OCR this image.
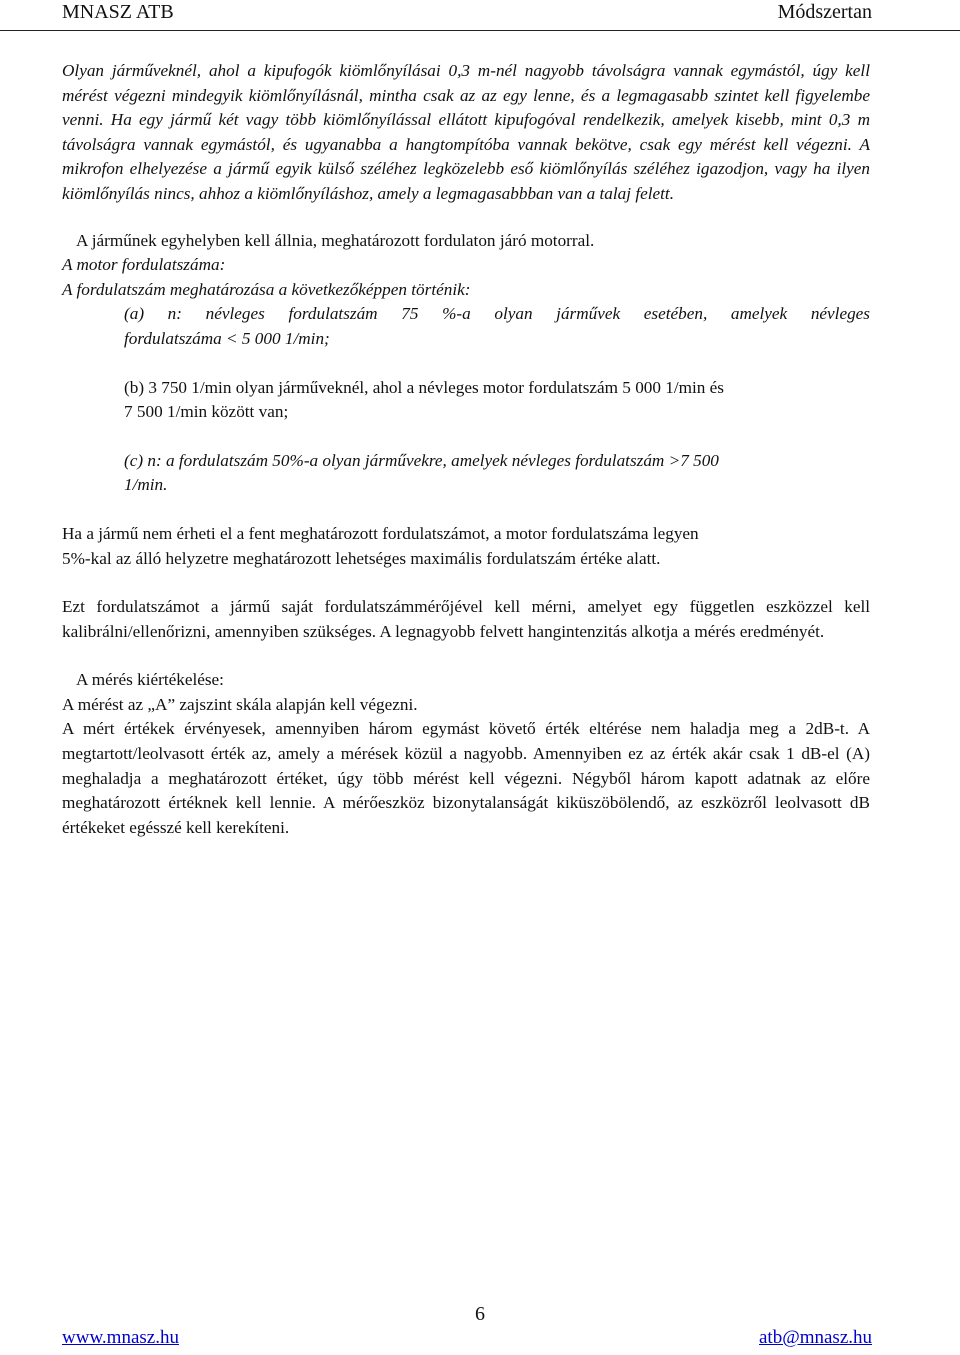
MNASZ ATB	Módszertan

Olyan járműveknél, ahol a kipufogók kiömlőnyílásai 0,3 m-nél nagyobb távolságra vannak egymástól, úgy kell mérést végezni mindegyik kiömlőnyílásnál, mintha csak az az egy lenne, és a legmagasabb szintet kell figyelembe venni. Ha egy jármű két vagy több kiömlőnyílással ellátott kipufogóval rendelkezik, amelyek kisebb, mint 0,3 m távolságra vannak egymástól, és ugyanabba a hangtompítóba vannak bekötve, csak egy mérést kell végezni. A mikrofon elhelyezése a jármű egyik külső széléhez legközelebb eső kiömlőnyílás széléhez igazodjon, vagy ha ilyen kiömlőnyílás nincs, ahhoz a kiömlőnyíláshoz, amely a legmagasabbban van a talaj felett.

A járműnek egyhelyben kell állnia, meghatározott fordulaton járó motorral.

A motor fordulatszáma:

A fordulatszám meghatározása a következőképpen történik:

(a) n: névleges fordulatszám 75 %-a olyan járművek esetében, amelyek névleges
fordulatszáma < 5 000 1/min;
(b) 3 750 1/min olyan járműveknél, ahol a névleges motor fordulatszám 5 000 1/min és
7 500 1/min között van;
(c) n: a fordulatszám 50%-a olyan járművekre, amelyek névleges fordulatszám >7 500
1/min.
Ha a jármű nem érheti el a fent meghatározott fordulatszámot, a motor fordulatszáma legyen
5%-kal az álló helyzetre meghatározott lehetséges maximális fordulatszám értéke alatt.

Ezt fordulatszámot a jármű saját fordulatszámmérőjével kell mérni, amelyet egy független eszközzel kell kalibrálni/ellenőrizni, amennyiben szükséges. A legnagyobb felvett hangintenzitás alkotja a mérés eredményét.

A mérés kiértékelése:

A mérést az „A” zajszint skála alapján kell végezni.

A mért értékek érvényesek, amennyiben három egymást követő érték eltérése nem haladja meg a 2dB-t. A megtartott/leolvasott érték az, amely a mérések közül a nagyobb. Amennyiben ez az érték akár csak 1 dB-el (A) meghaladja a meghatározott értéket, úgy több mérést kell végezni. Négyből három kapott adatnak az előre meghatározott értéknek kell lennie. A mérőeszköz bizonytalanságát kiküszöbölendő, az eszközről leolvasott dB értékeket egésszé kell kerekíteni.

6
www.mnasz.hu	atb@mnasz.hu
